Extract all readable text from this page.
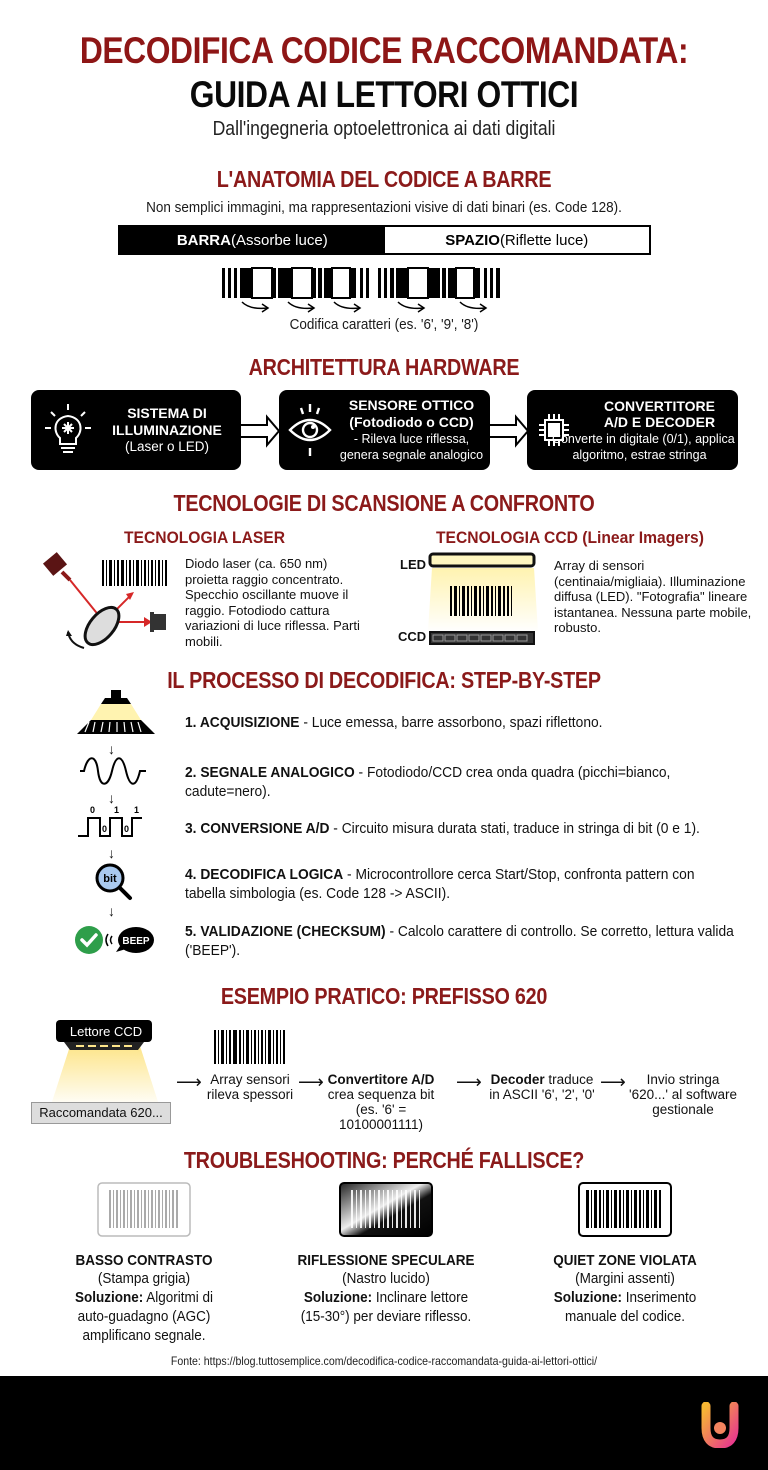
DECODIFICA CODICE RACCOMANDATA:
GUIDA AI LETTORI OTTICI
Dall'ingegneria optoelettronica ai dati digitali
L'ANATOMIA DEL CODICE A BARRE
Non semplici immagini, ma rappresentazioni visive di dati binari (es. Code 128).
BARRA (Assorbe luce)	SPAZIO (Riflette luce)
Codifica caratteri (es. '6', '9', '8')
ARCHITETTURA HARDWARE
SISTEMA DI ILLUMINAZIONE
(Laser o LED)
SENSORE OTTICO
(Fotodiodo o CCD)
- Rileva luce riflessa, genera segnale analogico
CONVERTITORE A/D E DECODER
- Converte in digitale (0/1), applica algoritmo, estrae stringa
TECNOLOGIE DI SCANSIONE A CONFRONTO
TECNOLOGIA LASER
Diodo laser (ca. 650 nm) proietta raggio concentrato. Specchio oscillante muove il raggio. Fotodiodo cattura variazioni di luce riflessa. Parti mobili.
TECNOLOGIA CCD (Linear Imagers)
LED
CCD
Array di sensori (centinaia/migliaia). Illuminazione diffusa (LED). "Fotografia" lineare istantanea. Nessuna parte mobile, robusto.
IL PROCESSO DI DECODIFICA: STEP-BY-STEP
1. ACQUISIZIONE - Luce emessa, barre assorbono, spazi riflettono.
↓
2. SEGNALE ANALOGICO - Fotodiodo/CCD crea onda quadra (picchi=bianco, cadute=nero).
↓
0 1 1
0 0	3. CONVERSIONE A/D - Circuito misura durata stati, traduce in stringa di bit (0 e 1).
↓
bit	4. DECODIFICA LOGICA - Microcontrollore cerca Start/Stop, confronta pattern con tabella simbologia (es. Code 128 -> ASCII).
↓
BEEP
5. VALIDAZIONE (CHECKSUM) - Calcolo carattere di controllo. Se corretto, lettura valida ('BEEP').
ESEMPIO PRATICO: PREFISSO 620
Lettore CCD
Raccomandata 620...
⟶ Array sensori rileva spessori
⟶ Convertitore A/D
crea sequenza bit (es. '6' = 10100001111)
⟶ Decoder traduce in ASCII '6', '2', '0'
⟶	Invio stringa '620...' al software gestionale
TROUBLESHOOTING: PERCHÉ FALLISCE?
BASSO CONTRASTO
(Stampa grigia)
Soluzione: Algoritmi di auto-guadagno (AGC) amplificano segnale.
RIFLESSIONE SPECULARE
(Nastro lucido)
Soluzione: Inclinare lettore (15-30°) per deviare riflesso.
QUIET ZONE VIOLATA
(Margini assenti)
Soluzione: Inserimento manuale del codice.
Fonte: https://blog.tuttosemplice.com/decodifica-codice-raccomandata-guida-ai-lettori-ottici/
